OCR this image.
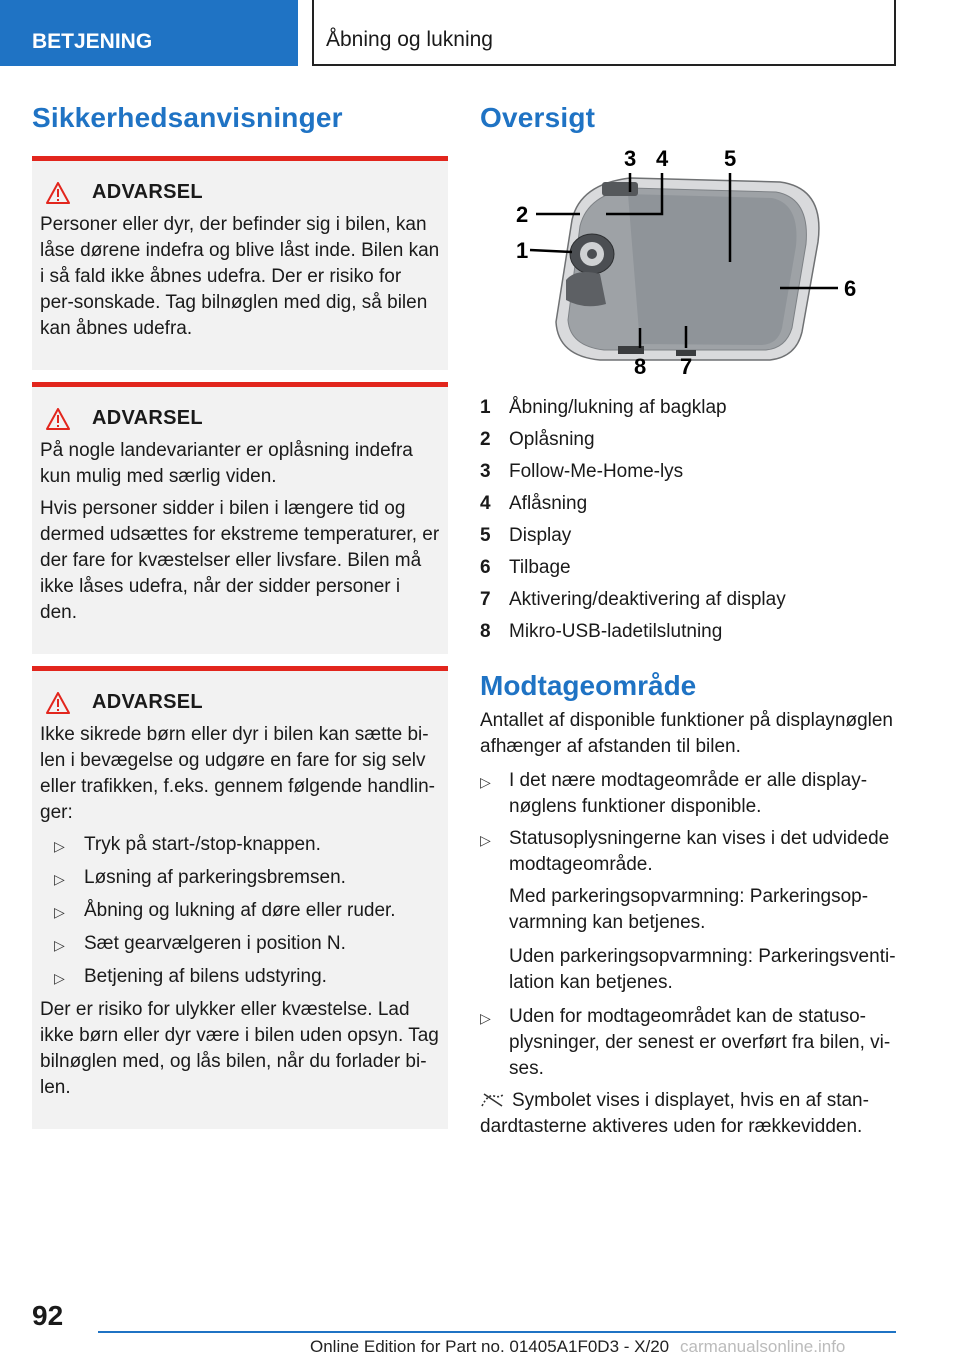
BETJENING	Åbning og lukning
Sikkerhedsanvisninger
ADVARSEL

Personer eller dyr, der befinder sig i bilen, kan låse dørene indefra og blive låst inde. Bilen kan i så fald ikke åbnes udefra. Der er risiko for per-sonskade. Tag bilnøglen med dig, så bilen kan åbnes udefra.

ADVARSEL

På nogle landevarianter er oplåsning indefra kun mulig med særlig viden.

Hvis personer sidder i bilen i længere tid og dermed udsættes for ekstreme temperaturer, er der fare for kvæstelser eller livsfare. Bilen må ikke låses udefra, når der sidder personer i den.

ADVARSEL

Ikke sikrede børn eller dyr i bilen kan sætte bi-len i bevægelse og udgøre en fare for sig selv eller trafikken, f.eks. gennem følgende handlin-ger:

▷	Tryk på start-/stop-knappen.
▷	Løsning af parkeringsbremsen.
▷	Åbning og lukning af døre eller ruder.
▷	Sæt gearvælgeren i position N.
▷	Betjening af bilens udstyring.

Der er risiko for ulykker eller kvæstelse. Lad ikke børn eller dyr være i bilen uden opsyn. Tag bilnøglen med, og lås bilen, når du forlader bi-len.

Oversigt
3 4	5
2
1
6
7
8
1 Åbning/lukning af bagklap
2 Oplåsning
3 Follow-Me-Home-lys
4 Aflåsning
5 Display
6 Tilbage
7 Aktivering/deaktivering af display
8 Mikro-USB-ladetilslutning
Modtageområde

Antallet af disponible funktioner på displaynøglen afhænger af afstanden til bilen.

▷ I det nære modtageområde er alle display-nøglens funktioner disponible.
▷ Statusoplysningerne kan vises i det udvidede modtageområde.

Med parkeringsopvarmning: Parkeringsop-varmning kan betjenes.

Uden parkeringsopvarmning: Parkeringsventi-lation kan betjenes.

▷ Uden for modtageområdet kan de statuso-plysninger, der senest er overført fra bilen, vi-ses.

Symbolet vises i displayet, hvis en af stan-dardtasterne aktiveres uden for rækkevidden.

92
Online Edition for Part no. 01405A1F0D3 - X/20 carmanualsonline.info
